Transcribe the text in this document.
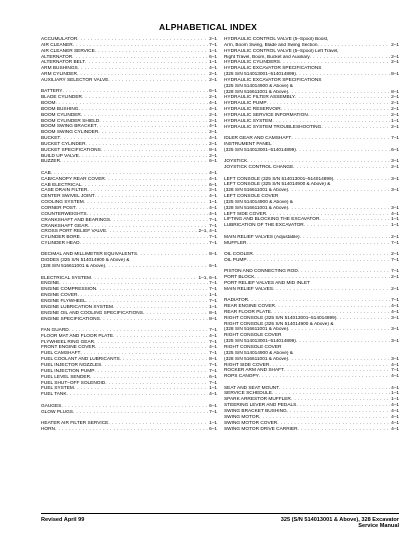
ALPHABETICAL INDEX
ACCUMULATOR . . .	2–1
AIR CLEANER . . .	7–1
AIR CLEANER SERVICE . . .	1–1
ALTERNATOR . . .	6–1
ALTERNATOR BELT . . .	1–1
ARM BUSHINGS . . .	4–1
ARM CYLINDER . . .	2–1
AUXILIARY SELECTOR VALVE . . .	2–1
BATTERY . . .	6–1
BLADE CYLINDER . . .	2–1
BOOM . . .	4–1
BOOM BUSHING . . .	4–1
BOOM CYLINDER . . .	2–1
BOOM CYLINDER SHIELD . . .	2–1
BOOM SWING BRACKET . . .	4–1
BOOM SWING CYLINDER . . .	2–1
BUCKET . . .	4–1
BUCKET CYLINDER . . .	2–1
BUCKET SPECIFICATIONS . . .	8–1
BUILD UP VALVE . . .	2–1
BUZZER . . .	6–1
CAB . . .	4–1
CAB/CANOPY REAR COVER . . .	4–1
CAB ELECTRICAL . . .	6–1
CASE DRAIN FILTER . . .	2–1
CENTER SWIVEL JOINT . . .	4–1
COOLING SYSTEM . . .	1–1
CORNER POST . . .	4–1
COUNTERWEIGHTS . . .	4–1
CRANKSHAFT AND BEARINGS . . .	7–1
CRANKSHAFT GEAR . . .	7–1
CROSS PORT RELIEF VALVE . . .	2–1, 4–1
CYLINDER BORE . . .	7–1
CYLINDER HEAD . . .	7–1
DECIMAL AND MILLIMETER EQUIVALENTS . . .	8–1
DIODES (325 S/N 514014900 & Above) &
(328 S/N 516611001 & Above) . . .	6–1
ELECTRICAL SYSTEM . . .	1–1, 6–1
ENGINE . . .	7–1
ENGINE COMPRESSION . . .	7–1
ENGINE COVER . . .	1–1
ENGINE FLYWHEEL . . .	7–1
ENGINE LUBRICATION SYSTEM . . .	1–1
ENGINE OIL AND COOLING SPECIFICATIONS . . .	8–1
ENGINE SPECIFICATIONS . . .	8–1
FAN GUARD . . .	7–1
FLOOR MAT AND FLOOR PLATE . . .	4–1
FLYWHEEL RING GEAR . . .	7–1
FRONT ENGINE COVER . . .	4–1
FUEL CAMSHAFT . . .	7–1
FUEL COOLANT AND LUBRICANTS . . .	8–1
FUEL INJECTOR NOZZLES . . .	7–1
FUEL INJECTION PUMP . . .	7–1
FUEL LEVEL SENDER . . .	6–1
FUEL SHUT–OFF SOLENOID . . .	7–1
FUEL SYSTEM . . .	1–1
FUEL TANK . . .	4–1
GAUGES . . .	6–1
GLOW PLUGS . . .	7–1
HEATER AIR FILTER SERVICE . . .	1–1
HORN . . .	6–1
HYDRAULIC CONTROL VALVE (5–Spool) Boost,
Arm, Boom Swing, Blade and Swing Section . . .	2–1
HYDRAULIC CONTROL VALVE (5–Spool) Left Travel,
Right Travel, Boom, Bucket and Auxiliary . . .	2–1
HYDRAULIC CYLINDERS . . .	2–1
HYDRAULIC EXCAVATOR SPECIFICATIONS
(325 S/N 514013001–514014899) . . .	8–1
HYDRAULIC EXCAVATOR SPECIFICATIONS
(325 S/N 514014900 & Above) &
(328 S/N 516611001 & Above) . . .	8–1
HYDRAULIC FILTER ASSEMBLY . . .	2–1
HYDRAULIC PUMP . . .	2–1
HYDRAULIC RESERVOIR . . .	2–1
HYDRAULIC SERVICE INFORMATION . . .	2–1
HYDRAULIC SYSTEM . . .	1–1
HYDRAULIC SYSTEM TROUBLESHOOTING . . .	2–1
IDLER GEAR AND CAMSHAFT . . .	7–1
INSTRUMENT PANEL
(325 S/N 514013001–514014899) . . .	6–1
JOYSTICK . . .	3–1
JOYSTICK CONTROL CHANGE . . .	2–1
LEFT CONSOLE (325 S/N 514013001–514014899) . . .	3–1
LEFT CONSOLE (325 S/N 514014900 & Above) &
(328 S/N 516611001 & Above) . . .	3–1
LEFT CONSOLE COVER
(325 S/N 514014900 & Above) &
(328 S/N 516611001 & Above) . . .	3–1
LEFT SIDE COVER . . .	4–1
LIFTING AND BLOCKING THE EXCAVATOR . . .	1–1
LUBRICATION OF THE EXCAVATOR . . .	1–1
MAIN RELIEF VALVES (Adjustable) . . .	2–1
MUFFLER . . .	7–1
OIL COOLER . . .	2–1
OIL PUMP . . .	7–1
PISTON AND CONNECTING ROD . . .	7–1
PORT BLOCK . . .	2–1
PORT RELIEF VALVES AND MID INLET
MAIN RELIEF VALVES . . .	2–1
RADIATOR . . .	7–1
REAR ENGINE COVER . . .	4–1
REAR FLOOR PLATE . . .	4–1
RIGHT CONSOLE (325 S/N 514013001–514014899) . . .	3–1
RIGHT CONSOLE (325 S/N 514014900 & Above) &
(328 S/N 516611001 & Above) . . .	3–1
RIGHT CONSOLE COVER
(325 S/N 514013001–514014899) . . .	3–1
RIGHT CONSOLE COVER
(325 S/N 514014900 & Above) &
(328 S/N 516611001 & Above) . . .	3–1
RIGHT SIDE COVER . . .	4–1
ROCKER ARM AND SHAFT . . .	7–1
ROPS CANOPY . . .	4–1
SEAT AND SEAT MOUNT . . .	4–1
SERVICE SCHEDULE . . .	1–1
SPARK ARRESTOR MUFFLER . . .	1–1
STEERING LEVER AND PEDALS . . .	4–1
SWING BRACKET BUSHING . . .	4–1
SWING MOTOR . . .	4–1
SWING MOTOR COVER . . .	4–1
SWING MOTOR DRIVE CARRIER . . .	4–1
Revised April 99	325 (S/N 514013001 & Above), 328 Excavator
Service Manual
